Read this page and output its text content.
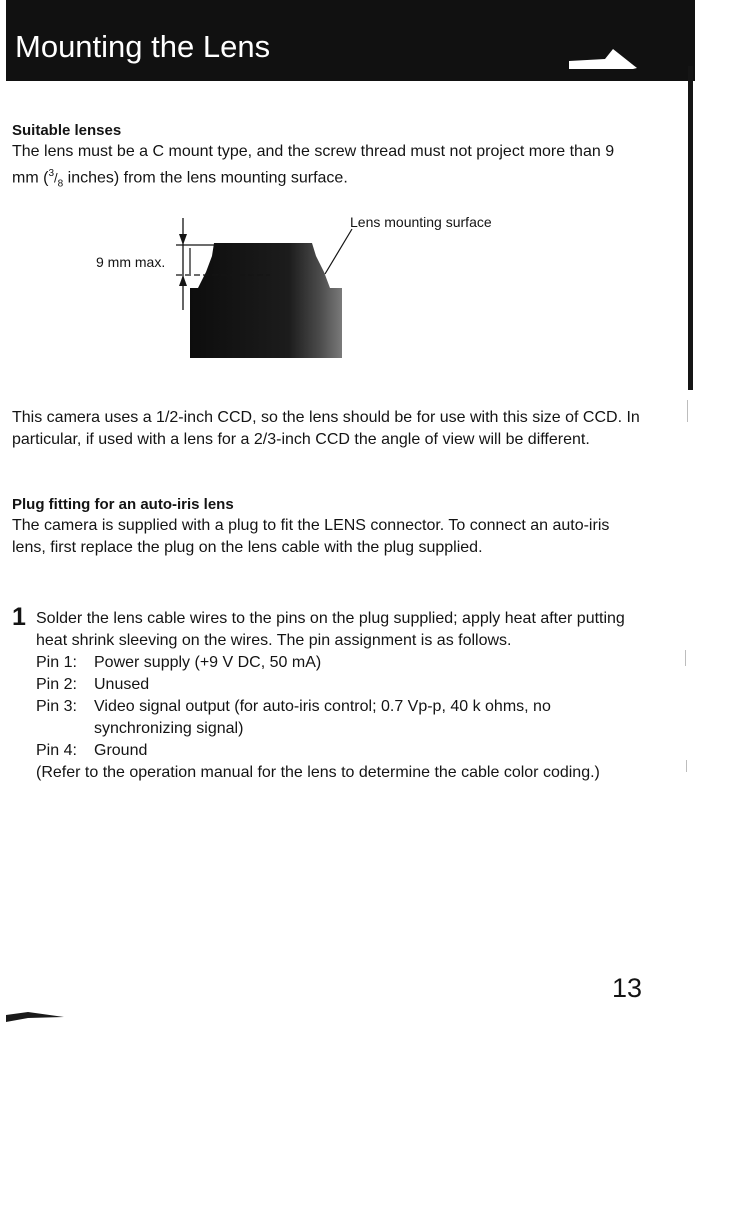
Mounting the Lens
Suitable lenses

The lens must be a C mount type, and the screw thread must not project more than 9 mm ($^3/_8$ inches) from the lens mounting surface.

9 mm max.
Lens mounting surface

This camera uses a 1/2-inch CCD, so the lens should be for use with this size of CCD. In particular, if used with a lens for a 2/3-inch CCD the angle of view will be different.

Plug fitting for an auto-iris lens

The camera is supplied with a plug to fit the LENS connector. To connect an auto-iris lens, first replace the plug on the lens cable with the plug supplied.

1 Solder the lens cable wires to the pins on the plug supplied; apply heat after putting heat shrink sleeving on the wires. The pin assignment is as follows.

Pin 1:	Power supply (+9 V DC, 50 mA)
Pin 2:	Unused
Pin 3:	Video signal output (for auto-iris control; 0.7 Vp-p, 40 k ohms, no synchronizing signal)
Pin 4:	Ground

(Refer to the operation manual for the lens to determine the cable color coding.)

13
